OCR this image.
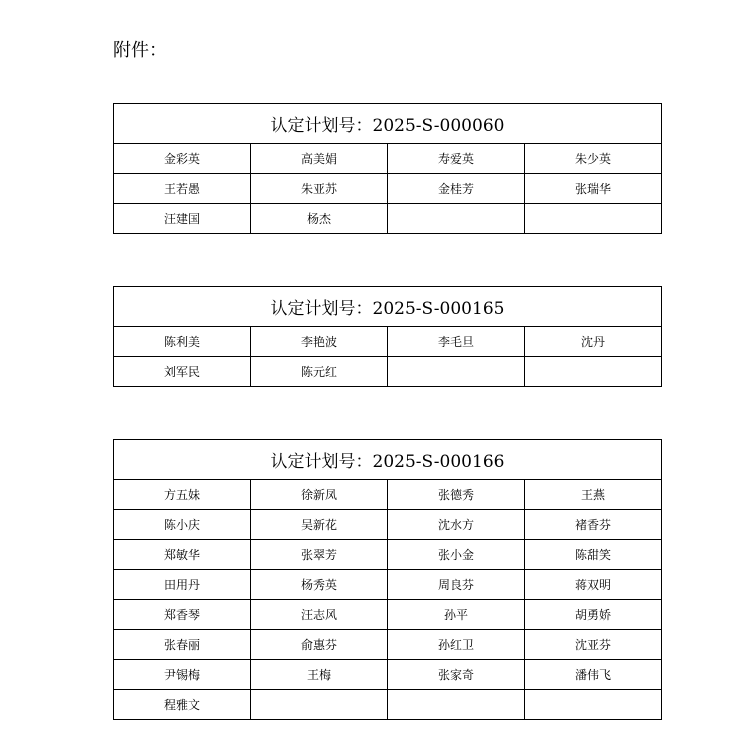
附件：
认定计划号：2025-S-000060			
金彩英	高美娟	寿爱英	朱少英
王若愚	朱亚苏	金桂芳	张瑞华
汪建国	杨杰		
认定计划号：2025-S-000165			
陈利美	李艳波	李毛旦	沈丹
刘军民	陈元红		
认定计划号：2025-S-000166			
方五妹	徐新凤	张德秀	王燕
陈小庆	吴新花	沈水方	褚香芬
郑敏华	张翠芳	张小金	陈甜笑
田用丹	杨秀英	周良芬	蒋双明
郑香琴	汪志风	孙平	胡勇娇
张春丽	俞惠芬	孙红卫	沈亚芬
尹锡梅	王梅	张家奇	潘伟飞
程雅文			
